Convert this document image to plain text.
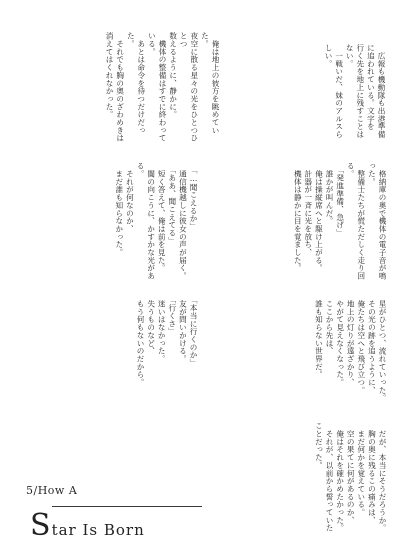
　広報も機動隊も出港準備に追われている。文字を
行く先を地上に残すことはない。
　一戦いだ、妹のアルスらしい。
　俺は地上の彼方を眺めていた。
夜空に散る星々の光をひとつひとつ
数えるように、静かに。
　機体の整備はすでに終わっている。
　あとは命令を待つだけだった。
　それでも胸の奥のざわめきは
消えてはくれなかった。
　格納庫の奥で機体の電子音が鳴った。
　整備士たちが慌ただしく走り回る。
　「発進準備、急げ」
　誰かが叫んだ。
　俺は操縦席へと駆け上がる。
　計器が一斉に光を放ち、
　機体は静かに目を覚ました。
　「…聞こえるか」
　通信機越しに彼女の声が届く。
　「ああ、聞こえてる」
　短く答えて、俺は前を見た。
　闇の向こうに、かすかな光がある。
　それが何なのか、
　まだ誰も知らなかった。
　星がひとつ、流れていった。
　その光の跡を追うように、
　俺たちは空へと飛び立つ。
　地上の灯りが遠ざかり、
　やがて見えなくなった。
　ここから先は、
　誰も知らない世界だ。
　「本当に行くのか」
　友が問いかける。
　「行くさ」
　迷いはなかった。
　失うものなど、
　もう何もないのだから。
　だが、本当にそうだろうか。
　胸の奥に残るこの痛みは、
　まだ何かを覚えている。
　空の果てに何があるのか、
　俺はそれを確かめたかった。
　それが、以前から誓っていたことだった。
5/How A
Star Is Born
